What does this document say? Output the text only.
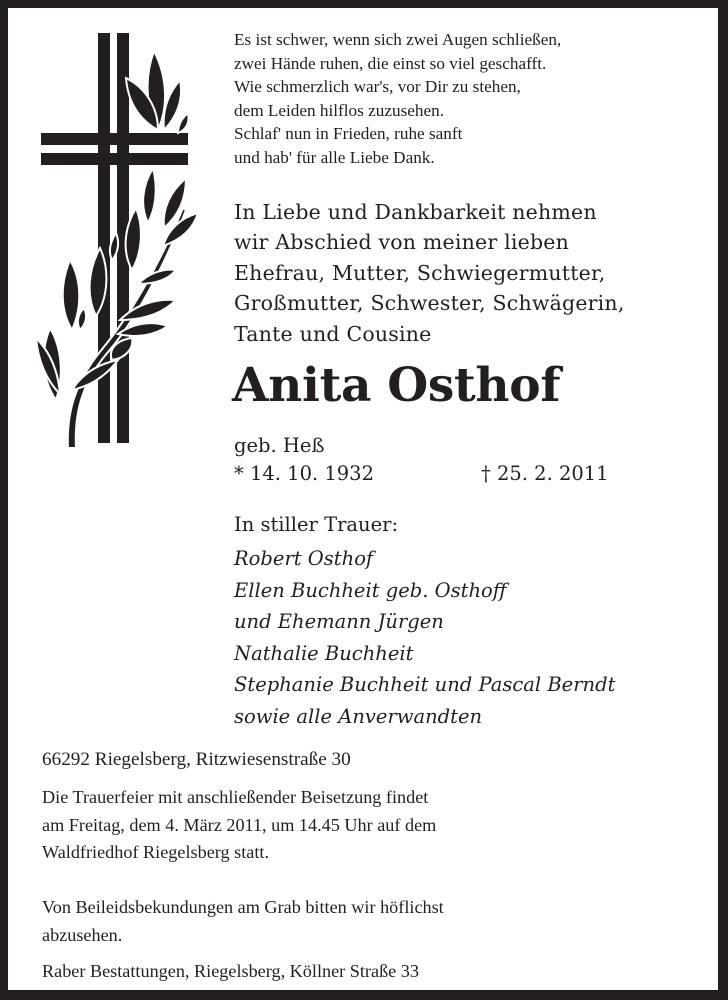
Es ist schwer, wenn sich zwei Augen schließen,
zwei Hände ruhen, die einst so viel geschafft.
Wie schmerzlich war's, vor Dir zu stehen,
dem Leiden hilflos zuzusehen.
Schlaf' nun in Frieden, ruhe sanft
und hab' für alle Liebe Dank.
In Liebe und Dankbarkeit nehmen
wir Abschied von meiner lieben
Ehefrau, Mutter, Schwiegermutter,
Großmutter, Schwester, Schwägerin,
Tante und Cousine
Anita Osthof
geb. Heß
* 14. 10. 1932	† 25. 2. 2011
In stiller Trauer:
Robert Osthof
Ellen Buchheit geb. Osthoff
und Ehemann Jürgen
Nathalie Buchheit
Stephanie Buchheit und Pascal Berndt
sowie alle Anverwandten
66292 Riegelsberg, Ritzwiesenstraße 30
Die Trauerfeier mit anschließender Beisetzung findet
am Freitag, dem 4. März 2011, um 14.45 Uhr auf dem
Waldfriedhof Riegelsberg statt.
Von Beileidsbekundungen am Grab bitten wir höflichst
abzusehen.
Raber Bestattungen, Riegelsberg, Köllner Straße 33
